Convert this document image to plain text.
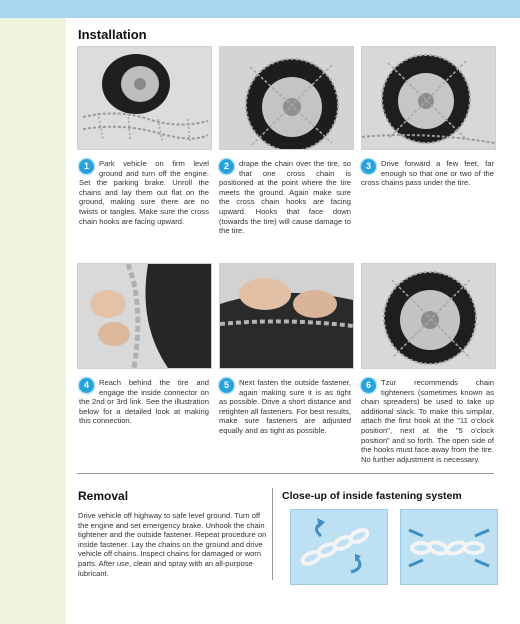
Installation
1	Park vehicle on firm level ground and turn off the engine. Set the parking brake. Unroll the chains and lay them out flat on the ground, making sure there are no twists or tangles. Make sure the cross chain hooks are facing upward.
2	drape the chain over the tire, so that one cross chain is positioned at the point where the tire meets the ground. Again make sure the cross chain hooks are facing upward. Hooks that face down (towards the tire) will cause damage to the tire.
3	Drive forward a few feet, far enough so that one or two of the cross chains pass under the tire.
4	Reach behind the tire and engage the inside connector on the 2nd or 3rd link. See the illustration below for a detailed look at making this connection.
5	Next fasten the outside fastener, again making sure it is as tight as possible. Drive a short distance and retighten all fasteners. For best results, make sure fasteners are adjusted equally and as tight as possible.
6	Tzur recommends chain tighteners (sometimes known as chain spreaders) be used to take up additional slack. To make this simpilar, attach the first hook at the "11 o'clock position", next at the "5 o'clock position" and so forth. The open side of the hooks must face away from the tire. No further adjustment is necessary.
Removal
Drive vehicle off highway to safe level ground. Turn off the engine and set emergency brake. Unhook the chain tightener and the outside fastener. Repeat procedure on inside fastener. Lay the chains on the ground and drive vehicle off chains. Inspect chains for damaged or worn parts. After use, clean and spray with an all-purpose lubricant.
Close-up of inside fastening system
